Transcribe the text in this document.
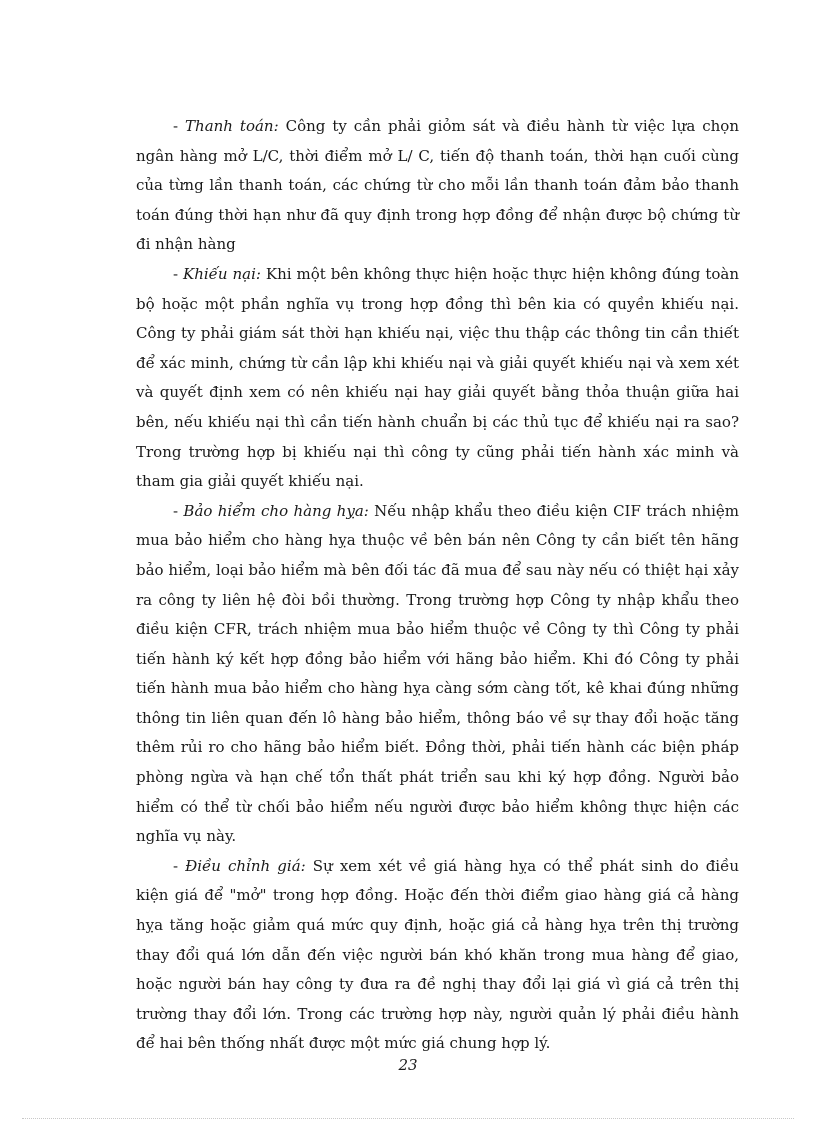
- Thanh toán: Công ty cần phải giỏm sát và điều hành từ việc lựa chọn ngân hàng mở L/C, thời điểm mở L/ C, tiến độ thanh toán, thời hạn cuối cùng của từng lần thanh toán, các chứng từ cho mỗi lần thanh toán đảm bảo thanh toán đúng thời hạn như đã quy định trong hợp đồng để nhận được bộ chứng từ đi nhận hàng

- Khiếu nại: Khi một bên không thực hiện hoặc thực hiện không đúng toàn bộ hoặc một phần nghĩa vụ trong hợp đồng thì bên kia có quyền khiếu nại. Công ty phải giám sát thời hạn khiếu nại, việc thu thập các thông tin cần thiết để xác minh, chứng từ cần lập khi khiếu nại và giải quyết khiếu nại và xem xét và quyết định xem có nên khiếu nại hay giải quyết bằng thỏa thuận giữa hai bên, nếu khiếu nại thì cần tiến hành chuẩn bị các thủ tục để khiếu nại ra sao? Trong trường hợp bị khiếu nại thì công ty cũng phải tiến hành xác minh và tham gia giải quyết khiếu nại.

- Bảo hiểm cho hàng hỵa: Nếu nhập khẩu theo điều kiện CIF trách nhiệm mua bảo hiểm cho hàng hỵa thuộc về bên bán nên Công ty cần biết tên hãng bảo hiểm, loại bảo hiểm mà bên đối tác đã mua để sau này nếu có thiệt hại xảy ra công ty liên hệ đòi bồi thường. Trong trường hợp Công ty nhập khẩu theo điều kiện CFR, trách nhiệm mua bảo hiểm thuộc về Công ty thì Công ty phải tiến hành ký kết hợp đồng bảo hiểm với hãng bảo hiểm. Khi đó Công ty phải tiến hành mua bảo hiểm cho hàng hỵa càng sớm càng tốt, kê khai đúng những thông tin liên quan đến lô hàng bảo hiểm, thông báo về sự thay đổi hoặc tăng thêm rủi ro cho hãng bảo hiểm biết. Đồng thời, phải tiến hành các biện pháp phòng ngừa và hạn chế tổn thất phát triển sau khi ký hợp đồng. Người bảo hiểm có thể từ chối bảo hiểm nếu người được bảo hiểm không thực hiện các nghĩa vụ này.

- Điều chỉnh giá: Sự xem xét về giá hàng hỵa có thể phát sinh do điều kiện giá để "mở" trong hợp đồng. Hoặc đến thời điểm giao hàng giá cả hàng hỵa tăng hoặc giảm quá mức quy định, hoặc giá cả hàng hỵa trên thị trường thay đổi quá lớn dẫn đến việc người bán khó khăn trong mua hàng để giao, hoặc người bán hay công ty đưa ra đề nghị thay đổi lại giá vì giá cả trên thị trường thay đổi lớn. Trong các trường hợp này, người quản lý phải điều hành để hai bên thống nhất được một mức giá chung hợp lý.

23
